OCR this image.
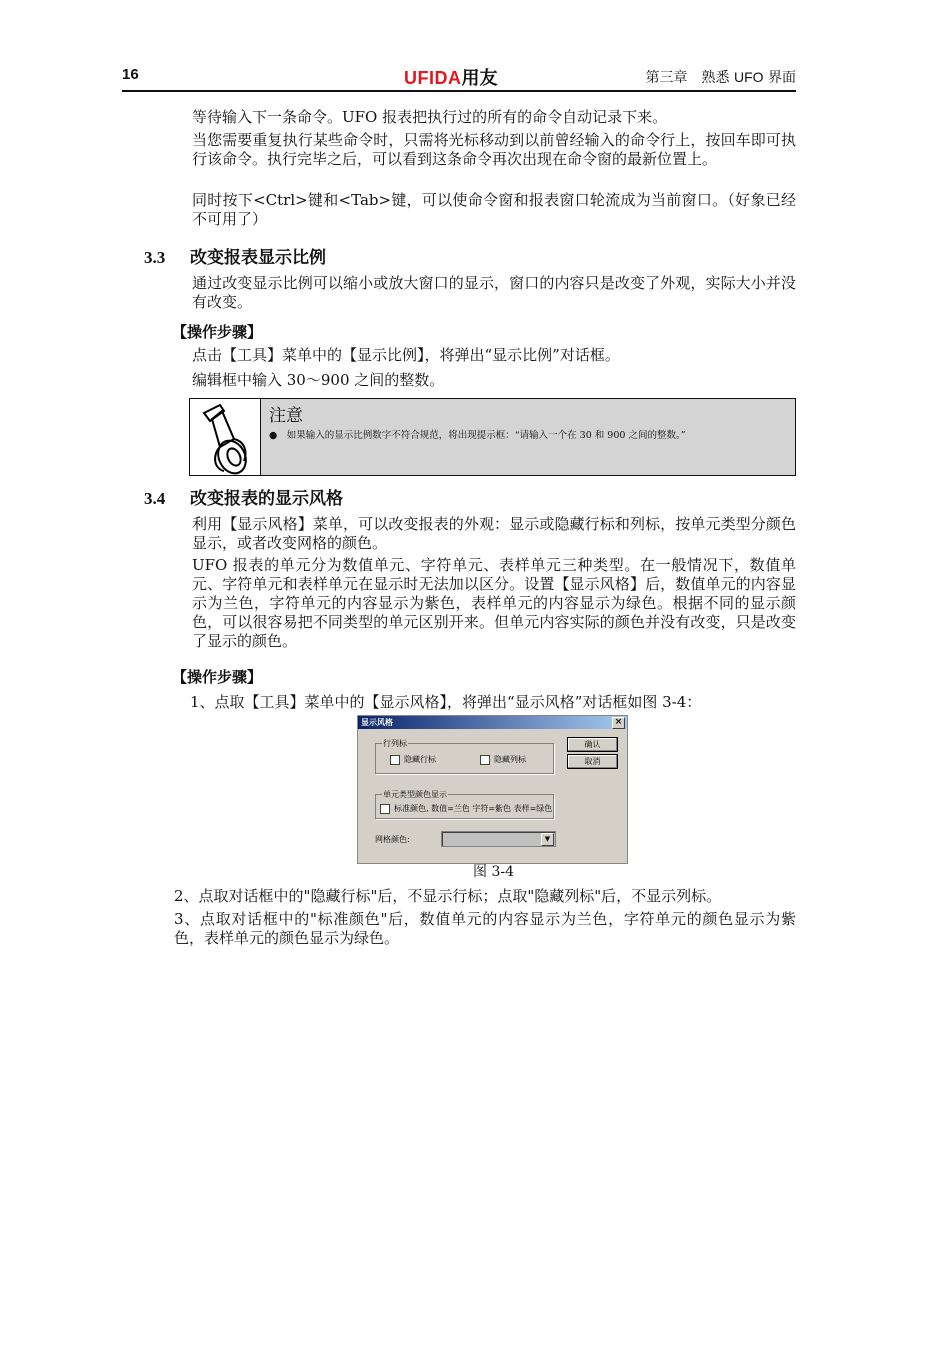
16	UFIDA用友	第三章　熟悉 UFO 界面

等待输入下一条命令。UFO 报表把执行过的所有的命令自动记录下来。

当您需要重复执行某些命令时，只需将光标移动到以前曾经输入的命令行上，按回车即可执行该命令。执行完毕之后，可以看到这条命令再次出现在命令窗的最新位置上。

同时按下<Ctrl>键和<Tab>键，可以使命令窗和报表窗口轮流成为当前窗口。（好象已经不可用了）

3.3 改变报表显示比例

通过改变显示比例可以缩小或放大窗口的显示，窗口的内容只是改变了外观，实际大小并没有改变。

【操作步骤】

点击【工具】菜单中的【显示比例】，将弹出“显示比例”对话框。

编辑框中输入 30～900 之间的整数。

注意
●　如果输入的显示比例数字不符合规范，将出现提示框：“请输入一个在 30 和 900 之间的整数。”
3.4 改变报表的显示风格

利用【显示风格】菜单，可以改变报表的外观：显示或隐藏行标和列标，按单元类型分颜色显示，或者改变网格的颜色。

UFO 报表的单元分为数值单元、字符单元、表样单元三种类型。在一般情况下，数值单元、字符单元和表样单元在显示时无法加以区分。设置【显示风格】后，数值单元的内容显示为兰色，字符单元的内容显示为紫色，表样单元的内容显示为绿色。根据不同的显示颜色，可以很容易把不同类型的单元区别开来。但单元内容实际的颜色并没有改变，只是改变了显示的颜色。

【操作步骤】

1、点取【工具】菜单中的【显示风格】，将弹出“显示风格”对话框如图 3-4：

显示风格	×
行列标
隐藏行标	隐藏列标
确认
取消
单元类型颜色显示
标准颜色, 数值=兰色 字符=紫色 表样=绿色
网格颜色:	▼
图 3-4

2、点取对话框中的"隐藏行标"后，不显示行标；点取"隐藏列标"后，不显示列标。

3、点取对话框中的"标准颜色"后，数值单元的内容显示为兰色，字符单元的颜色显示为紫色，表样单元的颜色显示为绿色。
